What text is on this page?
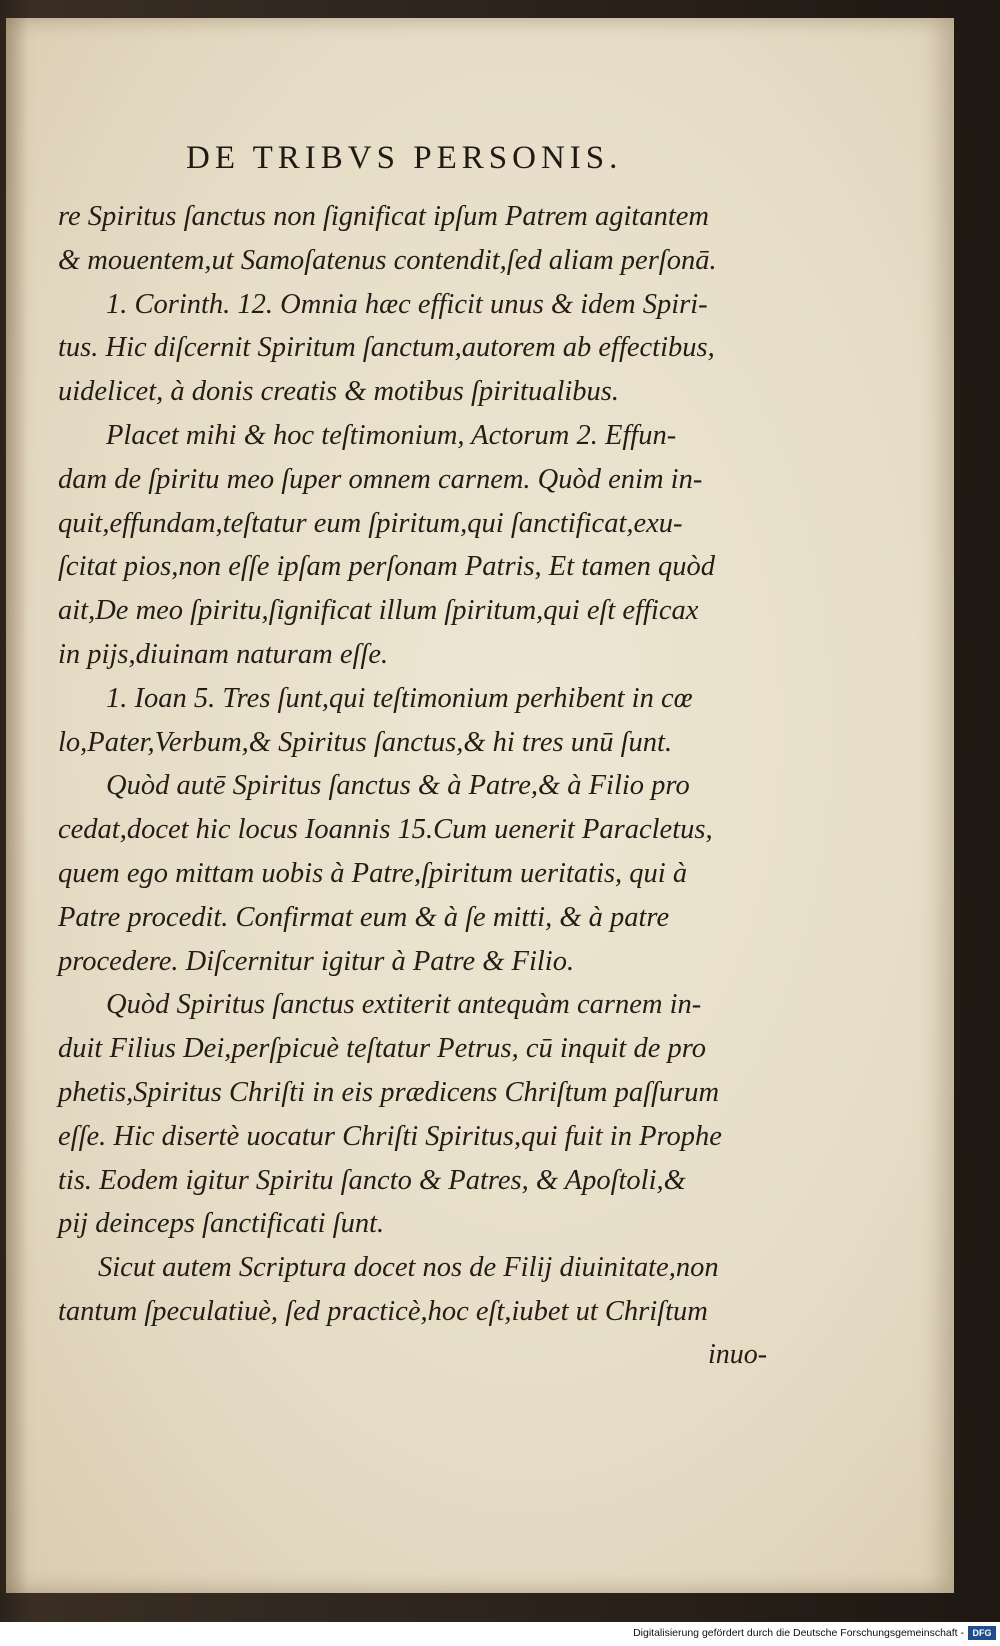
DE TRIBVS PERSONIS.
re Spiritus ſanctus non ſignificat ipſum Patrem agitantem
& mouentem,ut Samoſatenus contendit,ſed aliam perſonā.
1. Corinth. 12. Omnia hæc efficit unus & idem Spiri-
tus. Hic diſcernit Spiritum ſanctum,autorem ab effectibus,
uidelicet, à donis creatis & motibus ſpiritualibus.
Placet mihi & hoc teſtimonium, Actorum 2. Effun-
dam de ſpiritu meo ſuper omnem carnem. Quòd enim in-
quit,effundam,teſtatur eum ſpiritum,qui ſanctificat,exu-
ſcitat pios,non eſſe ipſam perſonam Patris, Et tamen quòd
ait,De meo ſpiritu,ſignificat illum ſpiritum,qui eſt efficax
in pijs,diuinam naturam eſſe.
1. Ioan 5. Tres ſunt,qui teſtimonium perhibent in cœ
lo,Pater,Verbum,& Spiritus ſanctus,& hi tres unū ſunt.
Quòd autē Spiritus ſanctus & à Patre,& à Filio pro
cedat,docet hic locus Ioannis 15.Cum uenerit Paracletus,
quem ego mittam uobis à Patre,ſpiritum ueritatis, qui à
Patre procedit. Confirmat eum & à ſe mitti, & à patre
procedere. Diſcernitur igitur à Patre & Filio.
Quòd Spiritus ſanctus extiterit antequàm carnem in-
duit Filius Dei,perſpicuè teſtatur Petrus, cū inquit de pro
phetis,Spiritus Chriſti in eis prædicens Chriſtum paſſurum
eſſe. Hic disertè uocatur Chriſti Spiritus,qui fuit in Prophe
tis. Eodem igitur Spiritu ſancto & Patres, & Apoſtoli,&
pij deinceps ſanctificati ſunt.
Sicut autem Scriptura docet nos de Filij diuinitate,non
tantum ſpeculatiuè, ſed practicè,hoc eſt,iubet ut Chriſtum
inuo-
Digitalisierung gefördert durch die Deutsche Forschungsgemeinschaft - DFG
